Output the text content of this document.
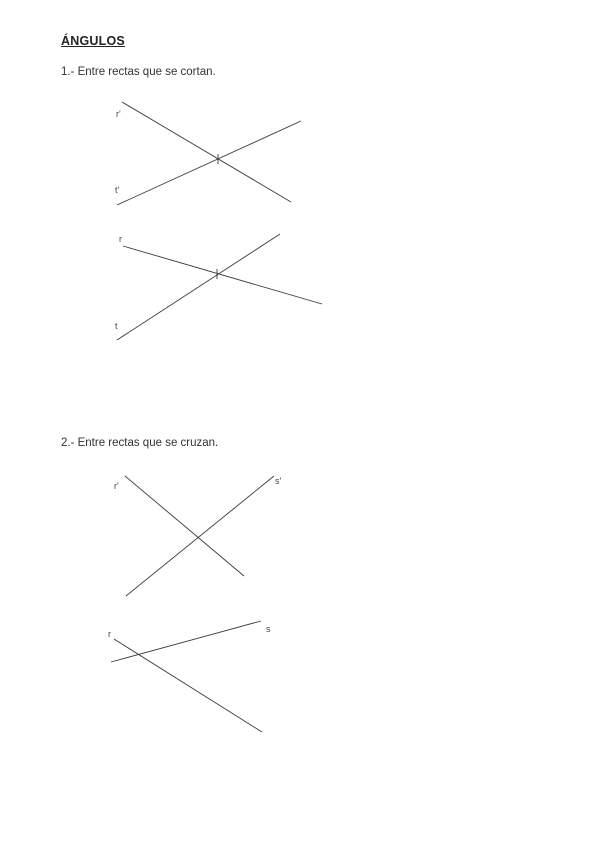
ÁNGULOS
1.- Entre rectas que se cortan.
2.- Entre rectas que se cruzan.
r'
t'
r
t
r'	s'
r	s
